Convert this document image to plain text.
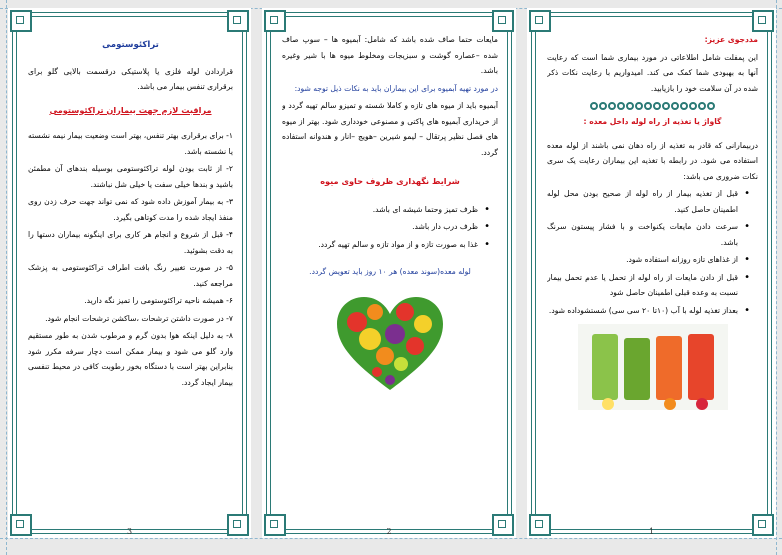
تراکئوستومی

قراردادن لوله فلزی یا پلاستیکی درقسمت بالایی گلو برای برقراری تنفس بیمار می باشد.

مراقبت لازم جهت بیماران تراکئوستومی

۱- برای برقراری بهتر تنفس، بهتر است وضعیت بیمار نیمه نشسته یا نشسته باشد.

۲- از ثابت بودن لوله تراکئوستومی بوسیله بندهای آن مطمئن باشید و بندها خیلی سفت یا خیلی شل نباشند.

۳- به بیمار آموزش داده شود که نمی تواند جهت حرف زدن روی منفذ ایجاد شده را مدت کوتاهی بگیرد.

۴- قبل از شروع و انجام هر کاری برای اینگونه بیماران دستها را به دقت بشوئید.

۵- در صورت تغییر رنگ بافت اطراف تراکئوستومی به پزشک مراجعه کنید.

۶- همیشه ناحیه تراکئوستومی را تمیز نگه دارید.

۷- در صورت داشتن ترشحات ،ساکشن ترشحات انجام شود.

۸- به دلیل اینکه هوا بدون گرم و مرطوب شدن به طور مستقیم وارد گلو می شود و بیمار ممکن است دچار سرفه مکرر شود بنابراین بهتر است با دستگاه بخور رطوبت کافی در محیط تنفسی بیمار ایجاد گردد.

3

مایعات حتما صاف شده باشد که شامل: آبمیوه ها – سوپ صاف شده –عصاره گوشت و سبزیجات ومخلوط میوه ها با شیر وغیره باشد.

در مورد تهیه آبمیوه برای این بیماران باید به نکات ذیل توجه شود:

آبمیوه باید از میوه های تازه و کاملا شسته و تمیزو سالم تهیه گردد و از خریداری آبمیوه های پاکتی و مصنوعی خودداری شود. بهتر از میوه های فصل نظیر پرتقال – لیمو شیرین –هویج –انار و هندوانه استفاده گردد.

شرایط نگهداری ظروف حاوی میوه
• ظرف تمیز وحتما شیشه ای باشد.
• ظرف درب دار باشد.
• غذا به صورت تازه و از مواد تازه و سالم تهیه گردد.

لوله معده(سوند معده) هر ۱۰ روز باید تعویض گردد.

2

مددجوی عزیز:

این پمفلت شامل اطلاعاتی در مورد بیماری شما است که رعایت آنها به بهبودی شما کمک می کند. امیدواریم با رعایت نکات ذکر شده در آن سلامت خود را بازیابید.

گاواژ یا تغذیه از راه لوله داخل معده :

دربیمارانی که قادر به تغذیه از راه دهان نمی باشند از لوله معده استفاده می شود. در رابطه با تغذیه این بیماران رعایت یک سری نکات ضروری می باشد:

• قبل از تغذیه بیمار از راه لوله از صحیح بودن محل لوله اطمینان حاصل کنید.
• سرعت دادن مایعات یکنواخت و با فشار پیستون سرنگ باشد.
• از غذاهای تازه روزانه استفاده شود.
• قبل از دادن مایعات از راه لوله از تحمل یا عدم تحمل بیمار نسبت به وعده قبلی اطمینان حاصل شود
• بعداز تغذیه لوله با آب (۱۰تا ۲۰ سی سی) شستشوداده شود.
1
